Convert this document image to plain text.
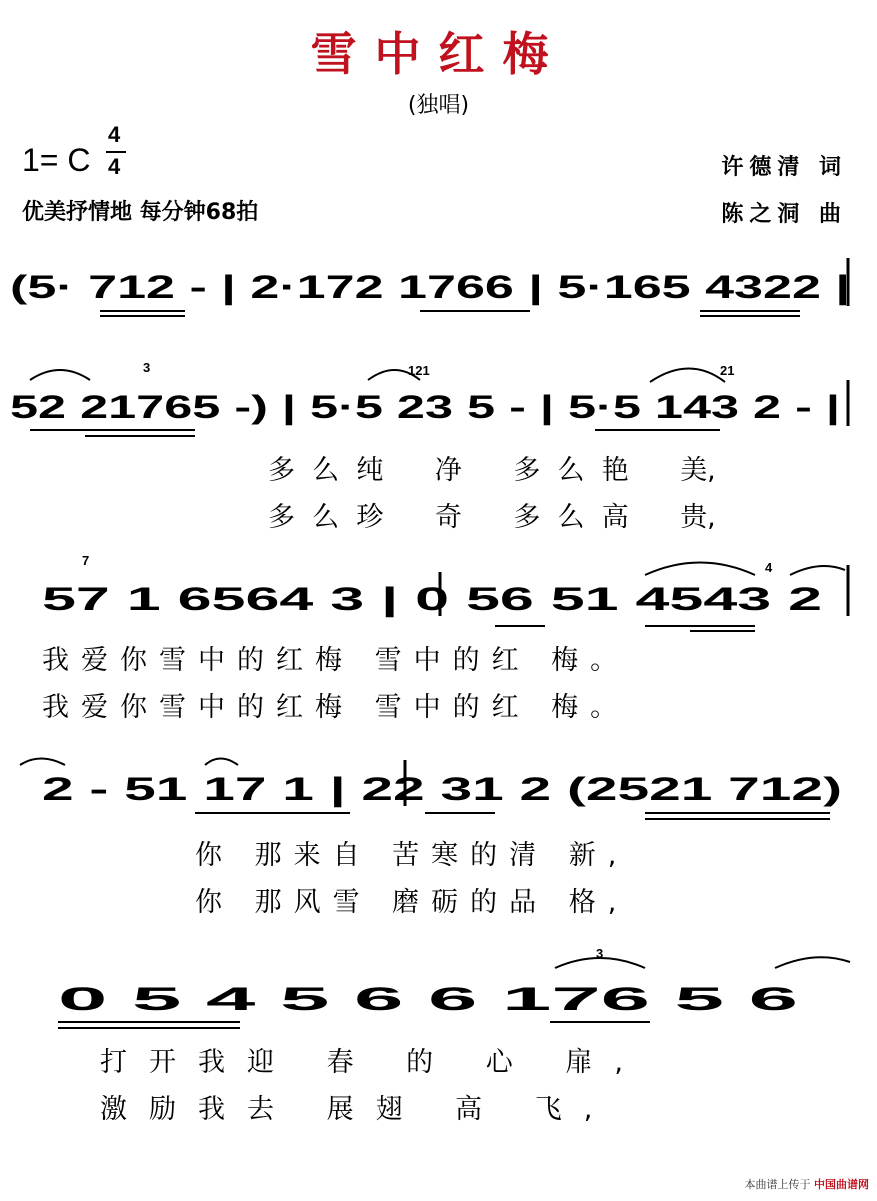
雪中红梅
(独唱)
1= C
4
4
优美抒情地 每分钟68拍
许德清 词
陈之洞 曲
(5· 712 - | 2·172 1766 | 5·165 4322 |
52 21765 -) | 5·5 23 5 - | 5·5 143 2 - |
121	21
3
57 1 6564 3 | 0 56 51 4543 2
7	4
2 - 51 17 1 | 22 31 2 (2521 712)
0 5 4 5 6 6 176 5 6
3
多 么 纯 净 多 么 艳 美,
多 么 珍 奇 多 么 高 贵,
我爱你雪中的红梅 雪中的红 梅。
我爱你雪中的红梅 雪中的红 梅。
你 那来自 苦寒的清 新,
你 那风雪 磨砺的品 格,
打开我迎 春 的 心 扉,
激励我去 展翅 高 飞,
本曲谱上传于 中国曲谱网
